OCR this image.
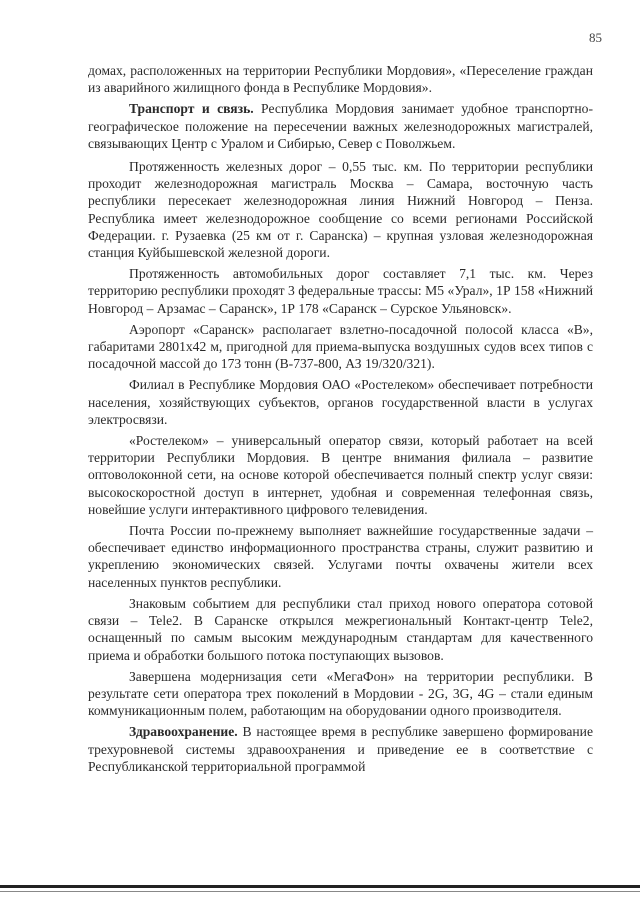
85

домах, расположенных на территории Республики Мордовия», «Переселение граждан из аварийного жилищного фонда в Республике Мордовия».

Транспорт и связь. Республика Мордовия занимает удобное транспортно-географическое положение на пересечении важных железнодорожных магистралей, связывающих Центр с Уралом и Сибирью, Север с Поволжьем.

Протяженность железных дорог – 0,55 тыс. км. По территории республики проходит железнодорожная магистраль Москва – Самара, восточную часть республики пересекает железнодорожная линия Нижний Новгород – Пенза. Республика имеет железнодорожное сообщение со всеми регионами Российской Федерации. г. Рузаевка (25 км от г. Саранска) – крупная узловая железнодорожная станция Куйбышевской железной дороги.

Протяженность автомобильных дорог составляет 7,1 тыс. км. Через территорию республики проходят 3 федеральные трассы: М5 «Урал», 1Р 158 «Нижний Новгород – Арзамас – Саранск», 1Р 178 «Саранск – Сурское Ульяновск».

Аэропорт «Саранск» располагает взлетно-посадочной полосой класса «В», габаритами 2801х42 м, пригодной для приема-выпуска воздушных судов всех типов с посадочной массой до 173 тонн (В-737-800, АЗ 19/320/321).

Филиал в Республике Мордовия ОАО «Ростелеком» обеспечивает потребности населения, хозяйствующих субъектов, органов государственной власти в услугах электросвязи.

«Ростелеком» – универсальный оператор связи, который работает на всей территории Республики Мордовия. В центре внимания филиала – развитие оптоволоконной сети, на основе которой обеспечивается полный спектр услуг связи: высокоскоростной доступ в интернет, удобная и современная телефонная связь, новейшие услуги интерактивного цифрового телевидения.

Почта России по-прежнему выполняет важнейшие государственные задачи – обеспечивает единство информационного пространства страны, служит развитию и укреплению экономических связей. Услугами почты охвачены жители всех населенных пунктов республики.

Знаковым событием для республики стал приход нового оператора сотовой связи – Tele2. В Саранске открылся межрегиональный Контакт-центр Tele2, оснащенный по самым высоким международным стандартам для качественного приема и обработки большого потока поступающих вызовов.

Завершена модернизация сети «МегаФон» на территории республики. В результате сети оператора трех поколений в Мордовии - 2G, 3G, 4G – стали единым коммуникационным полем, работающим на оборудовании одного производителя.

Здравоохранение. В настоящее время в республике завершено формирование трехуровневой системы здравоохранения и приведение ее в соответствие с Республиканской территориальной программой
